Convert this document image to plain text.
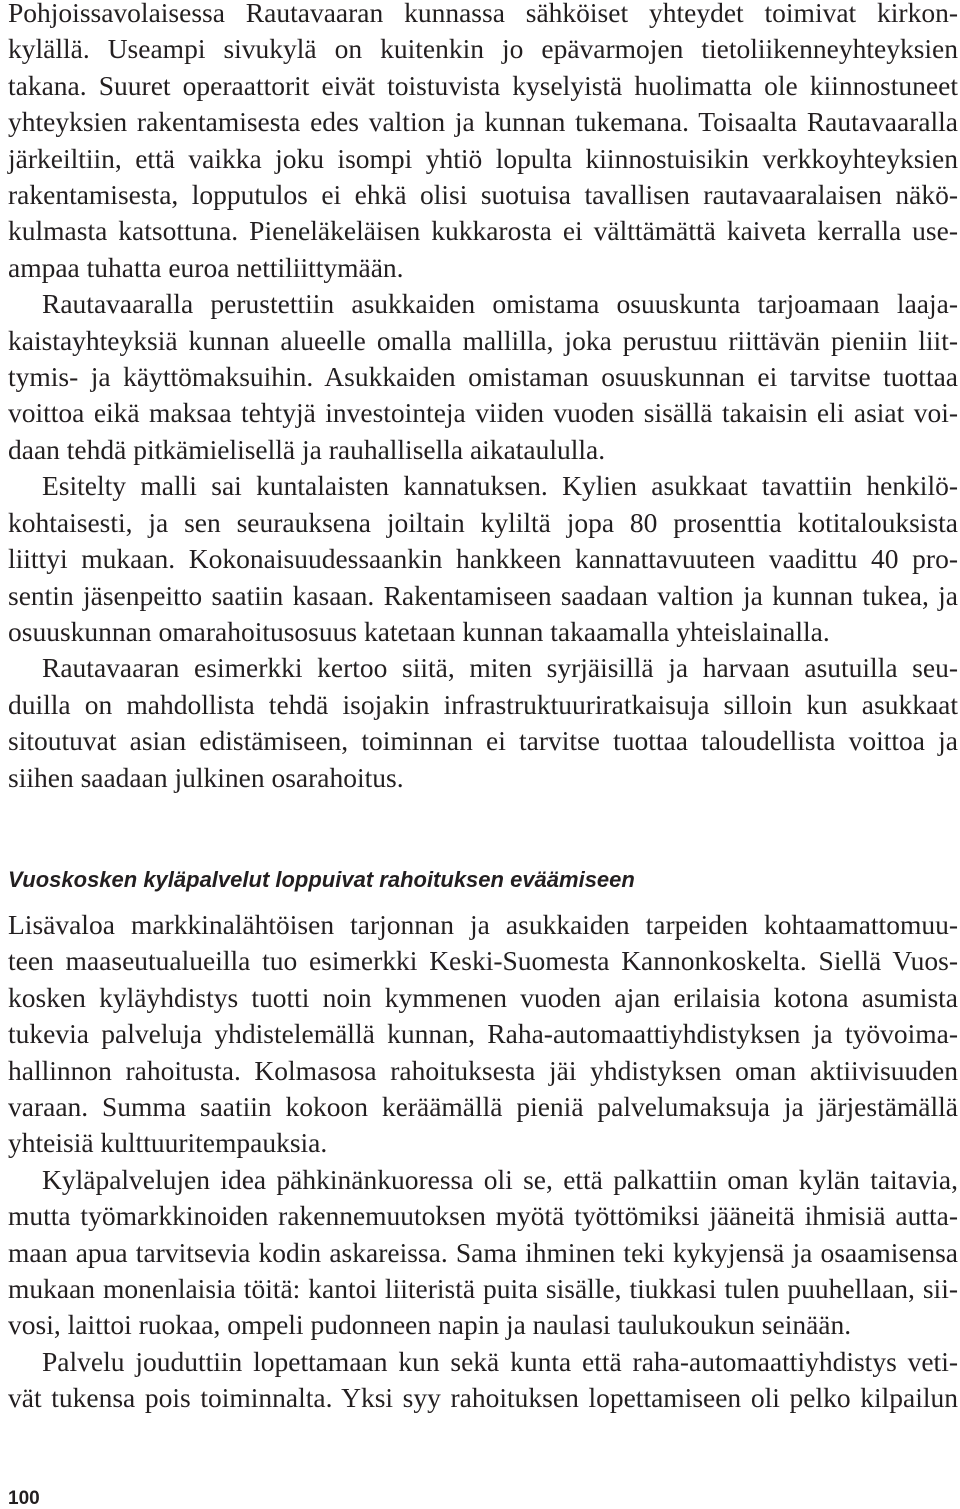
Pohjoissavolaisessa Rautavaaran kunnassa sähköiset yhteydet toimivat kirkon-
kylällä. Useampi sivukylä on kuitenkin jo epävarmojen tietoliikenneyhteyksien
takana. Suuret operaattorit eivät toistuvista kyselyistä huolimatta ole kiinnostuneet
yhteyksien rakentamisesta edes valtion ja kunnan tukemana. Toisaalta Rautavaaralla
järkeiltiin, että vaikka joku isompi yhtiö lopulta kiinnostuisikin verkkoyhteyksien
rakentamisesta, lopputulos ei ehkä olisi suotuisa tavallisen rautavaaralaisen näkö-
kulmasta katsottuna. Pieneläkeläisen kukkarosta ei välttämättä kaiveta kerralla use-
ampaa tuhatta euroa nettiliittymään.
Rautavaaralla perustettiin asukkaiden omistama osuuskunta tarjoamaan laaja-
kaistayhteyksiä kunnan alueelle omalla mallilla, joka perustuu riittävän pieniin liit-
tymis- ja käyttömaksuihin. Asukkaiden omistaman osuuskunnan ei tarvitse tuottaa
voittoa eikä maksaa tehtyjä investointeja viiden vuoden sisällä takaisin eli asiat voi-
daan tehdä pitkämielisellä ja rauhallisella aikataululla.
Esitelty malli sai kuntalaisten kannatuksen. Kylien asukkaat tavattiin henkilö-
kohtaisesti, ja sen seurauksena joiltain kyliltä jopa 80 prosenttia kotitalouksista
liittyi mukaan. Kokonaisuudessaankin hankkeen kannattavuuteen vaadittu 40 pro-
sentin jäsenpeitto saatiin kasaan. Rakentamiseen saadaan valtion ja kunnan tukea, ja
osuuskunnan omarahoitusosuus katetaan kunnan takaamalla yhteislainalla.
Rautavaaran esimerkki kertoo siitä, miten syrjäisillä ja harvaan asutuilla seu-
duilla on mahdollista tehdä isojakin infrastruktuuriratkaisuja silloin kun asukkaat
sitoutuvat asian edistämiseen, toiminnan ei tarvitse tuottaa taloudellista voittoa ja
siihen saadaan julkinen osarahoitus.
Vuoskosken kyläpalvelut loppuivat rahoituksen eväämiseen
Lisävaloa markkinalähtöisen tarjonnan ja asukkaiden tarpeiden kohtaamattomuu-
teen maaseutualueilla tuo esimerkki Keski-Suomesta Kannonkoskelta. Siellä Vuos-
kosken kyläyhdistys tuotti noin kymmenen vuoden ajan erilaisia kotona asumista
tukevia palveluja yhdistelemällä kunnan, Raha-automaattiyhdistyksen ja työvoima-
hallinnon rahoitusta. Kolmasosa rahoituksesta jäi yhdistyksen oman aktiivisuuden
varaan. Summa saatiin kokoon keräämällä pieniä palvelumaksuja ja järjestämällä
yhteisiä kulttuuritempauksia.
Kyläpalvelujen idea pähkinänkuoressa oli se, että palkattiin oman kylän taitavia,
mutta työmarkkinoiden rakennemuutoksen myötä työttömiksi jääneitä ihmisiä autta-
maan apua tarvitsevia kodin askareissa. Sama ihminen teki kykyjensä ja osaamisensa
mukaan monenlaisia töitä: kantoi liiteristä puita sisälle, tiukkasi tulen puuhellaan, sii-
vosi, laittoi ruokaa, ompeli pudonneen napin ja naulasi taulukoukun seinään.
Palvelu jouduttiin lopettamaan kun sekä kunta että raha-automaattiyhdistys veti-
vät tukensa pois toiminnalta. Yksi syy rahoituksen lopettamiseen oli pelko kilpailun
100
